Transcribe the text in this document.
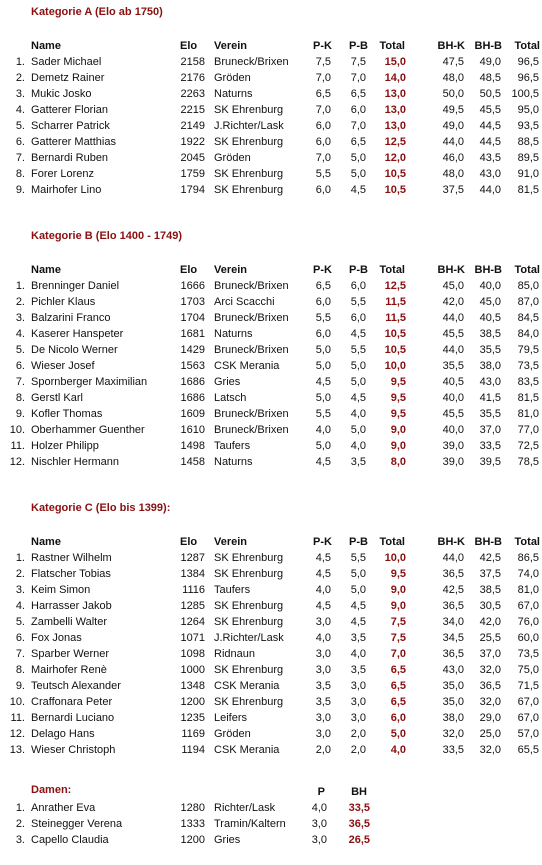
Kategorie A (Elo ab 1750)
Name	Elo Verein	P-K P-B Total	BH-K BH-B Total
1. Sader Michael	2158 Bruneck/Brixen 7,5 7,5 15,0	47,5 49,0 96,5
2. Demetz Rainer	2176 Gröden	7,0 7,0 14,0	48,0 48,5 96,5
3. Mukic Josko	2263 Naturns	6,5 6,5 13,0	50,0 50,5 100,5
4. Gatterer Florian	2215 SK Ehrenburg	7,0 6,0 13,0	49,5 45,5 95,0
5. Scharrer Patrick	2149 J.Richter/Lask	6,0 7,0 13,0	49,0 44,5 93,5
6. Gatterer Matthias	1922 SK Ehrenburg	6,0 6,5 12,5	44,0 44,5 88,5
7. Bernardi Ruben	2045 Gröden	7,0 5,0 12,0	46,0 43,5 89,5
8. Forer Lorenz	1759 SK Ehrenburg	5,5 5,0 10,5	48,0 43,0 91,0
9. Mairhofer Lino	1794 SK Ehrenburg	6,0 4,5 10,5	37,5 44,0 81,5
Kategorie B (Elo 1400 - 1749)
Name	Elo Verein	P-K P-B Total	BH-K BH-B Total
1. Brenninger Daniel	1666 Bruneck/Brixen 6,5 6,0 12,5	45,0 40,0 85,0
2. Pichler Klaus	1703 Arci Scacchi	6,0 5,5 11,5	42,0 45,0 87,0
3. Balzarini Franco	1704 Bruneck/Brixen 5,5 6,0 11,5	44,0 40,5 84,5
4. Kaserer Hanspeter	1681 Naturns	6,0 4,5 10,5	45,5 38,5 84,0
5. De Nicolo Werner	1429 Bruneck/Brixen 5,0 5,5 10,5	44,0 35,5 79,5
6. Wieser Josef	1563 CSK Merania	5,0 5,0 10,0	35,5 38,0 73,5
7. Spornberger Maximilian	1686 Gries	4,5 5,0 9,5	40,5 43,0 83,5
8. Gerstl Karl	1686 Latsch	5,0 4,5 9,5	40,0 41,5 81,5
9. Kofler Thomas	1609 Bruneck/Brixen 5,5 4,0 9,5	45,5 35,5 81,0
10. Oberhammer Guenther	1610 Bruneck/Brixen 4,0 5,0 9,0	40,0 37,0 77,0
11. Holzer Philipp	1498 Taufers	5,0 4,0 9,0	39,0 33,5 72,5
12. Nischler Hermann	1458 Naturns	4,5 3,5 8,0	39,0 39,5 78,5
Kategorie C (Elo bis 1399):
Name	Elo Verein	P-K P-B Total	BH-K BH-B Total
1. Rastner Wilhelm	1287 SK Ehrenburg	4,5 5,5 10,0	44,0 42,5 86,5
2. Flatscher Tobias	1384 SK Ehrenburg	4,5 5,0 9,5	36,5 37,5 74,0
3. Keim Simon	1116 Taufers	4,0 5,0 9,0	42,5 38,5 81,0
4. Harrasser Jakob	1285 SK Ehrenburg	4,5 4,5 9,0	36,5 30,5 67,0
5. Zambelli Walter	1264 SK Ehrenburg	3,0 4,5 7,5	34,0 42,0 76,0
6. Fox Jonas	1071 J.Richter/Lask	4,0 3,5 7,5	34,5 25,5 60,0
7. Sparber Werner	1098 Ridnaun	3,0 4,0 7,0	36,5 37,0 73,5
8. Mairhofer Renè	1000 SK Ehrenburg	3,0 3,5 6,5	43,0 32,0 75,0
9. Teutsch Alexander	1348 CSK Merania	3,5 3,0 6,5	35,0 36,5 71,5
10. Craffonara Peter	1200 SK Ehrenburg	3,5 3,0 6,5	35,0 32,0 67,0
11. Bernardi Luciano	1235 Leifers	3,0 3,0 6,0	38,0 29,0 67,0
12. Delago Hans	1169 Gröden	3,0 2,0 5,0	32,0 25,0 57,0
13. Wieser Christoph	1194 CSK Merania	2,0 2,0 4,0	33,5 32,0 65,5
Damen:	P BH
1. Anrather Eva	1280 Richter/Lask	4,0 33,5
2. Steinegger Verena	1333 Tramin/Kaltern 3,0 36,5
3. Capello Claudia	1200 Gries	3,0 26,5
